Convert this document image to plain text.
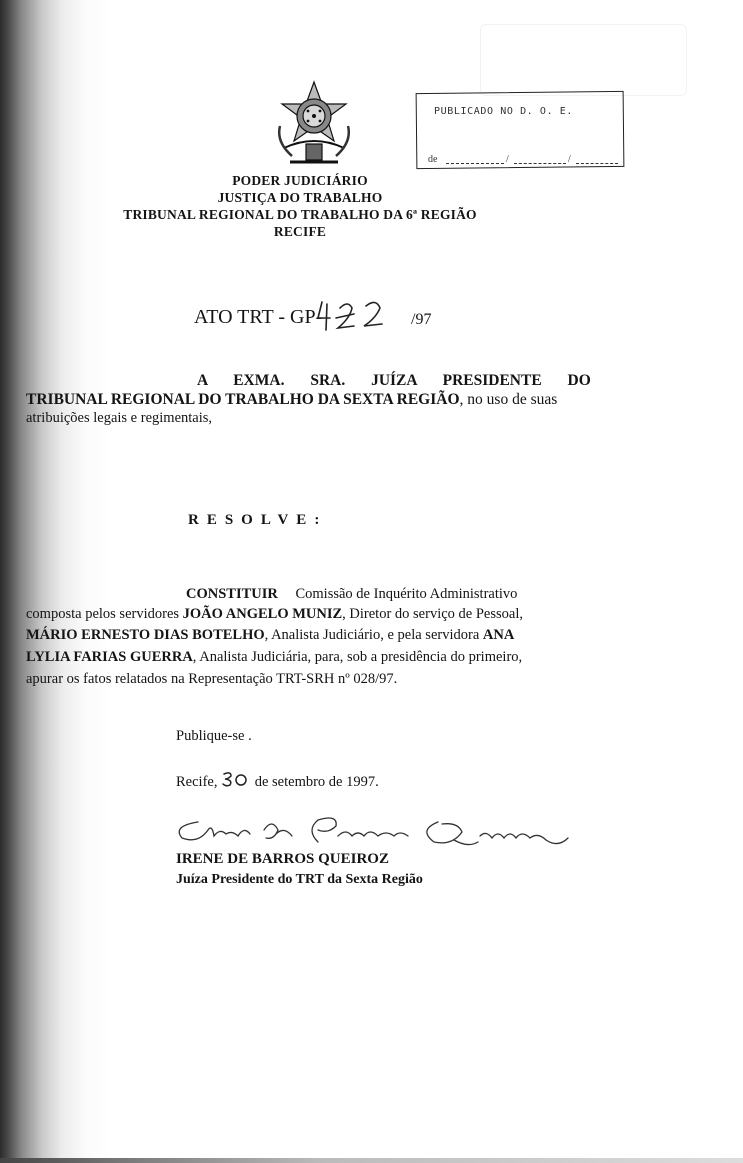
PODER JUDICIÁRIO
JUSTIÇA DO TRABALHO
TRIBUNAL REGIONAL DO TRABALHO DA 6ª REGIÃO
RECIFE
PUBLICADO NO D. O. E.
de	/	/
ATO TRT - GP-	/97
A EXMA. SRA. JUÍZA PRESIDENTE DO
TRIBUNAL REGIONAL DO TRABALHO DA SEXTA REGIÃO, no uso de suas
atribuições legais e regimentais,
RESOLVE:
CONSTITUIR Comissão de Inquérito Administrativo
composta pelos servidores JOÃO ANGELO MUNIZ, Diretor do serviço de Pessoal,
MÁRIO ERNESTO DIAS BOTELHO, Analista Judiciário, e pela servidora ANA
LYLIA FARIAS GUERRA, Analista Judiciária, para, sob a presidência do primeiro,
apurar os fatos relatados na Representação TRT-SRH nº 028/97.
Publique-se .
Recife,	de setembro de 1997.
IRENE DE BARROS QUEIROZ
Juíza Presidente do TRT da Sexta Região
